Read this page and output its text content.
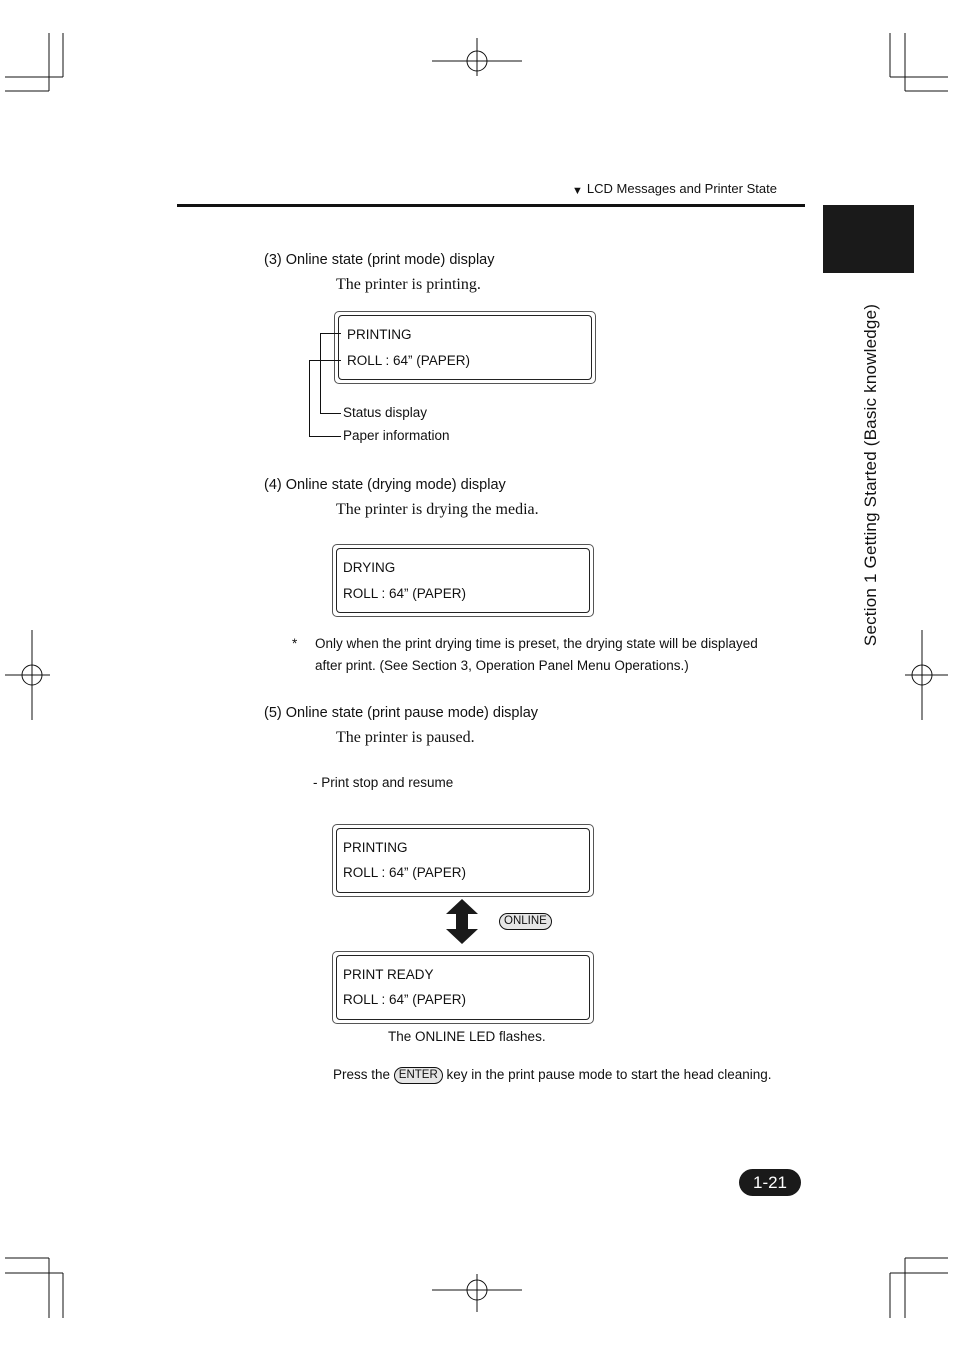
▼ LCD Messages and Printer State
Section 1 Getting Started (Basic knowledge)
(3) Online state (print mode) display
The printer is printing.
PRINTING
ROLL : 64” (PAPER)
Status display
Paper information
(4) Online state (drying mode) display
The printer is drying the media.
DRYING
ROLL : 64” (PAPER)
* Only when the print drying time is preset, the drying state will be displayed
after print. (See Section 3, Operation Panel Menu Operations.)
(5) Online state (print pause mode) display
The printer is paused.
- Print stop and resume
PRINTING
ROLL : 64” (PAPER)
ONLINE
PRINT READY
ROLL : 64” (PAPER)
The ONLINE LED flashes.
Press the ENTER key in the print pause mode to start the head cleaning.
1-21
